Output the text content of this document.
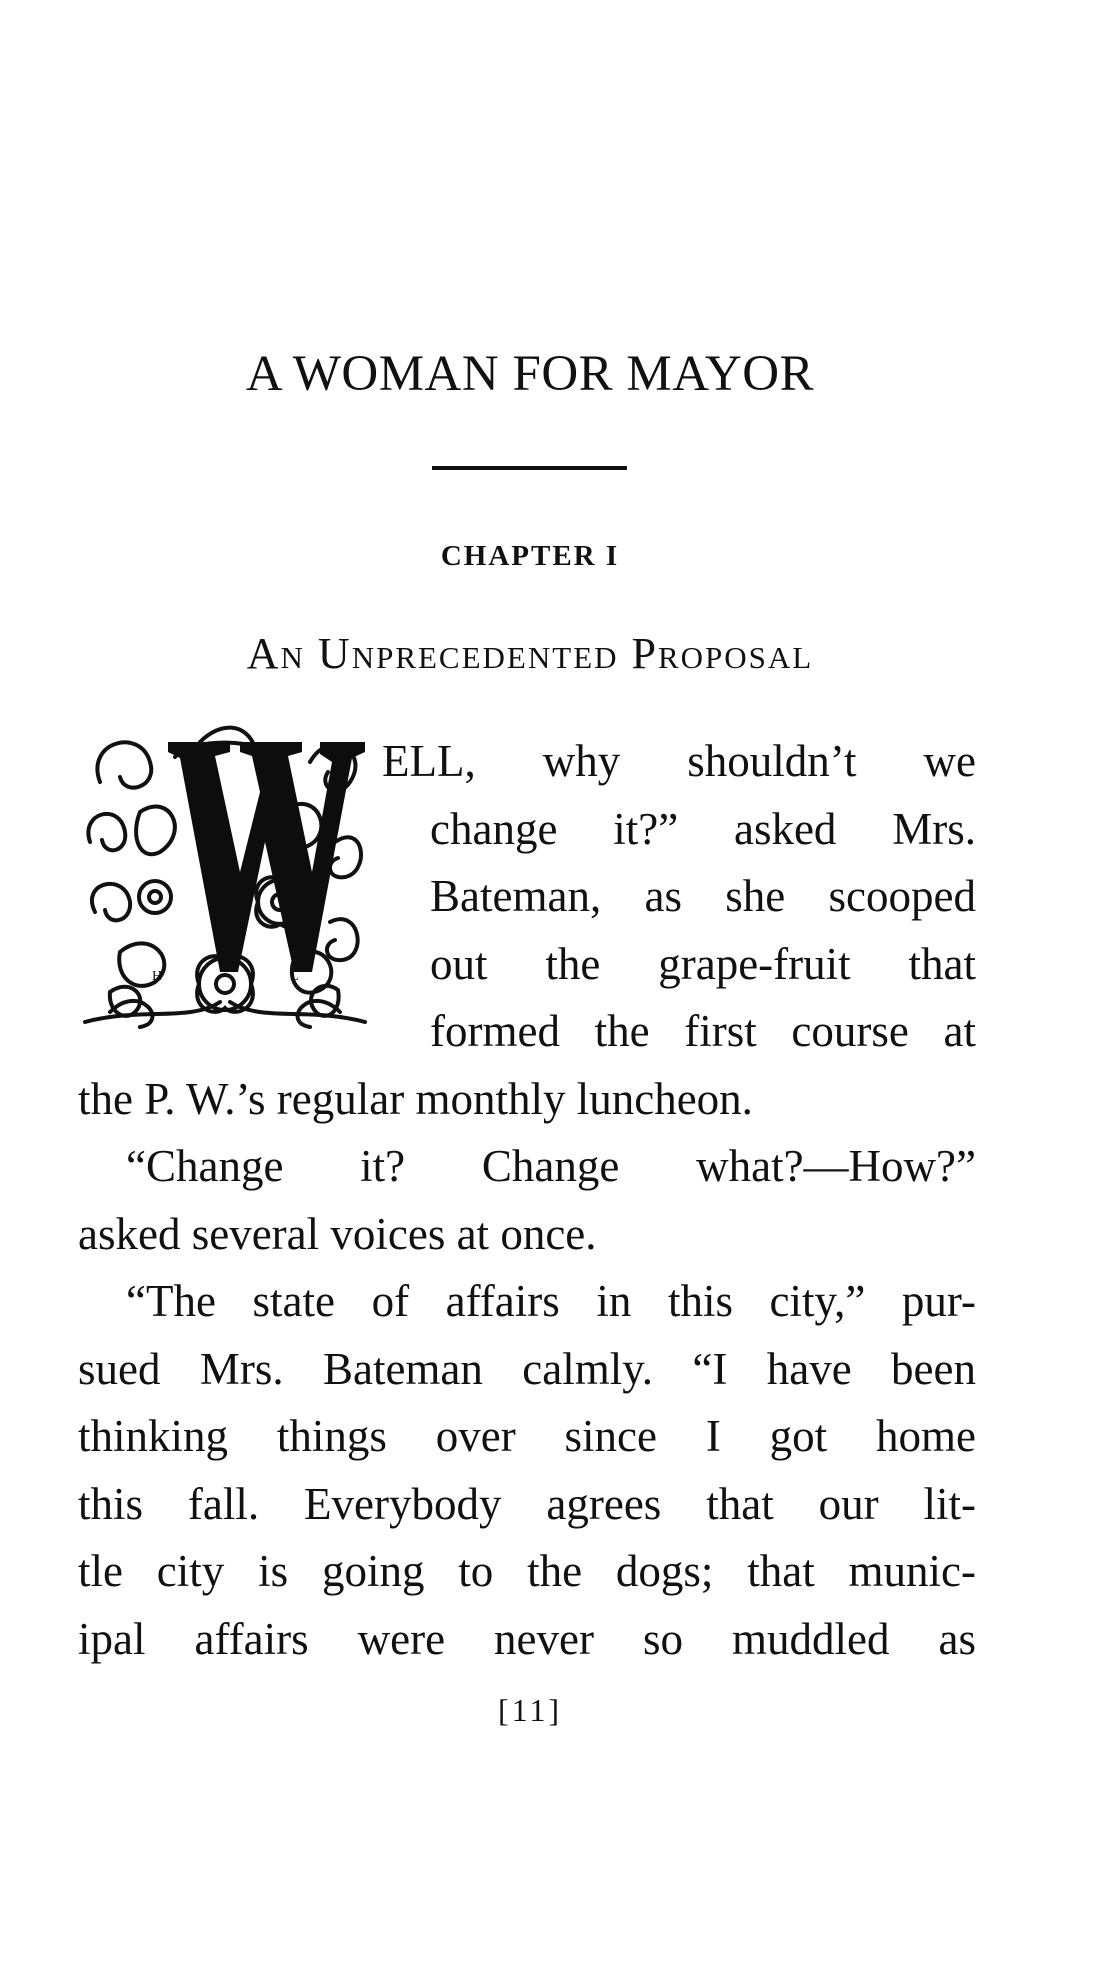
A WOMAN FOR MAYOR
CHAPTER I
An Unprecedented Proposal
H	L
ELL, why shouldn’t we
change it?” asked Mrs.
Bateman, as she scooped
out the grape-fruit that
formed the first course at
the P. W.’s regular monthly luncheon.
“Change it? Change what?—How?”
asked several voices at once.
“The state of affairs in this city,” pur-
sued Mrs. Bateman calmly. “I have been
thinking things over since I got home
this fall. Everybody agrees that our lit-
tle city is going to the dogs; that munic-
ipal affairs were never so muddled as
[11]
